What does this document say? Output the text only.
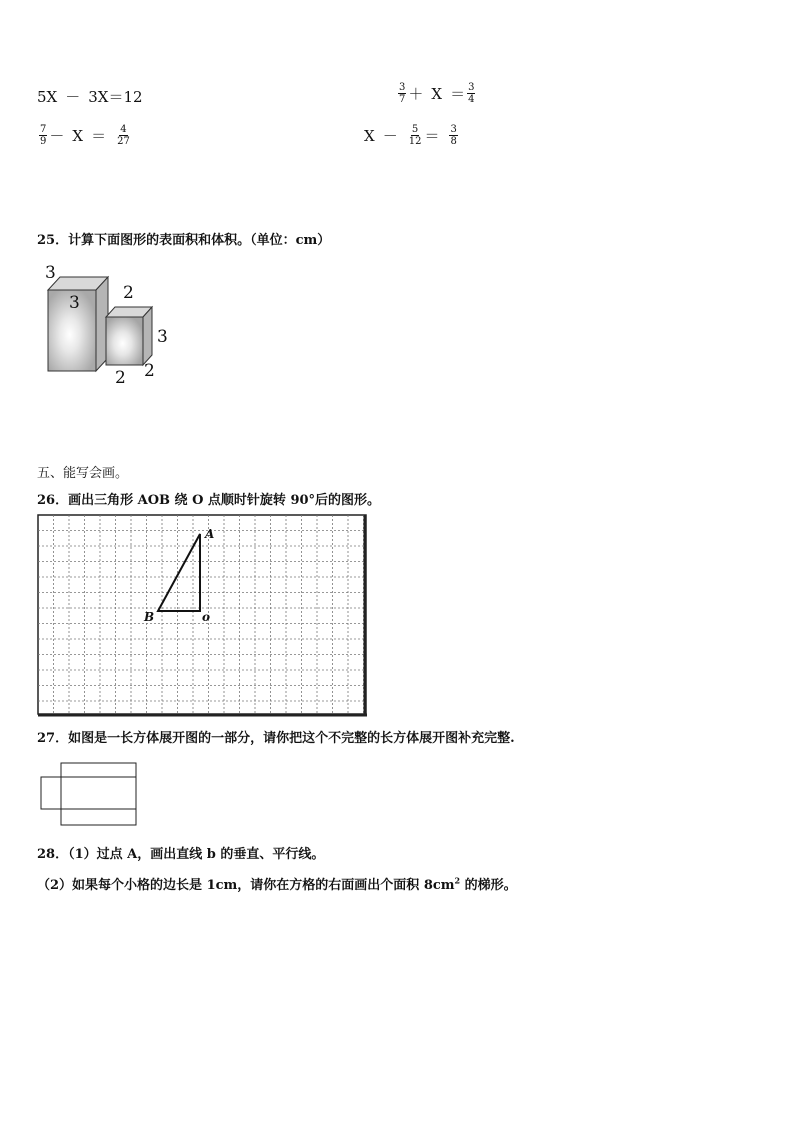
5X － 3X＝12	$\frac{3}{7} + X = \frac{3}{4}$
$\frac{7}{9} - X = \frac{4}{27}$	$X - \frac{5}{12} = \frac{3}{8}$
25．计算下面图形的表面积和体积。（单位：cm）
3
3	2
3
2 2
五、能写会画。
26．画出三角形 AOB 绕 O 点顺时针旋转 90°后的图形。
A
B	o
27．如图是一长方体展开图的一部分，请你把这个不完整的长方体展开图补充完整.
28．（1）过点 A，画出直线 b 的垂直、平行线。
（2）如果每个小格的边长是 1cm，请你在方格的右面画出个面积 $8cm^2$ 的梯形。
